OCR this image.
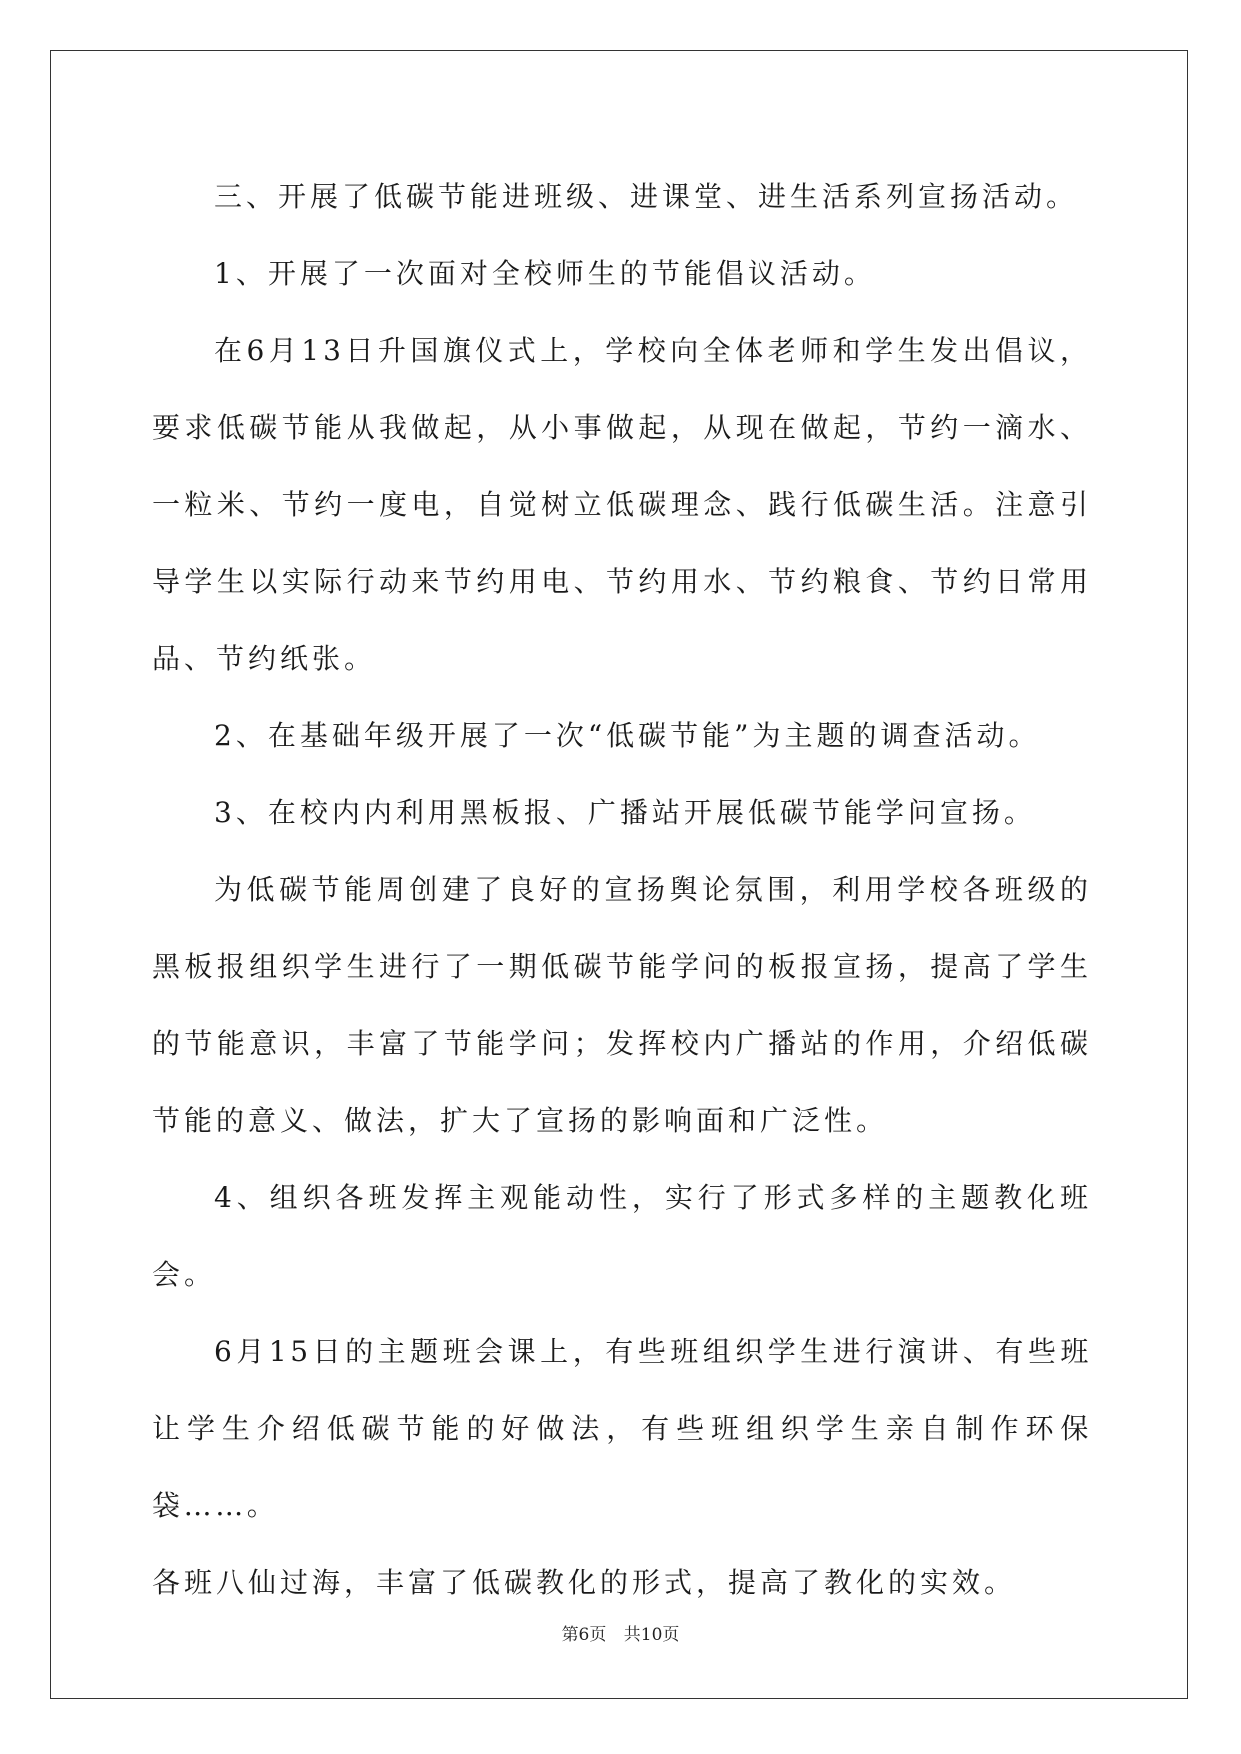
三、开展了低碳节能进班级、进课堂、进生活系列宣扬活动。

1、开展了一次面对全校师生的节能倡议活动。

在6月13日升国旗仪式上，学校向全体老师和学生发出倡议，要求低碳节能从我做起，从小事做起，从现在做起，节约一滴水、一粒米、节约一度电，自觉树立低碳理念、践行低碳生活。注意引导学生以实际行动来节约用电、节约用水、节约粮食、节约日常用品、节约纸张。

2、在基础年级开展了一次“低碳节能”为主题的调查活动。

3、在校内内利用黑板报、广播站开展低碳节能学问宣扬。

为低碳节能周创建了良好的宣扬舆论氛围，利用学校各班级的黑板报组织学生进行了一期低碳节能学问的板报宣扬，提高了学生的节能意识，丰富了节能学问；发挥校内广播站的作用，介绍低碳节能的意义、做法，扩大了宣扬的影响面和广泛性。

4、组织各班发挥主观能动性，实行了形式多样的主题教化班会。

6月15日的主题班会课上，有些班组织学生进行演讲、有些班让学生介绍低碳节能的好做法，有些班组织学生亲自制作环保袋……。

各班八仙过海，丰富了低碳教化的形式，提高了教化的实效。

第6页 共10页
